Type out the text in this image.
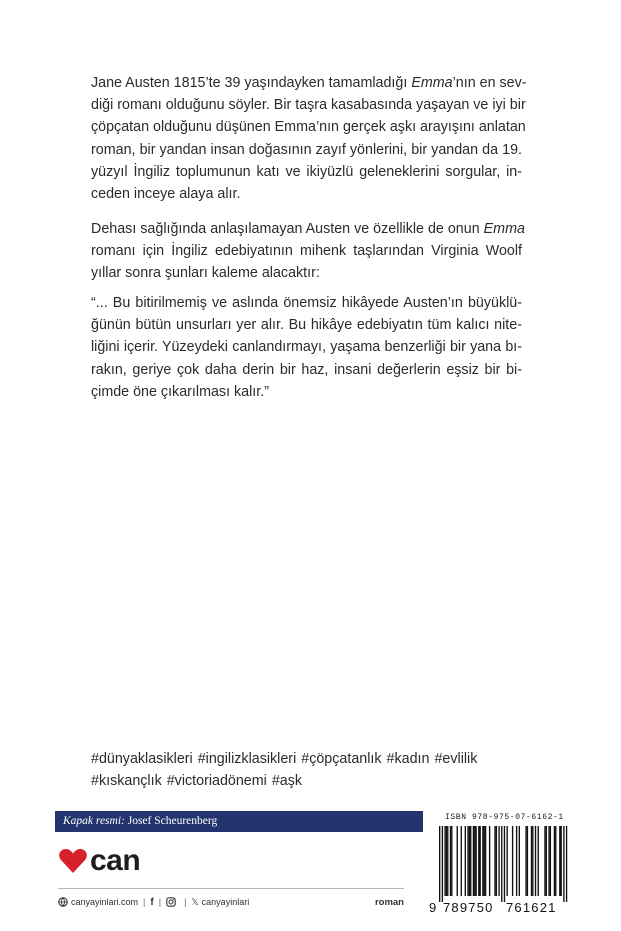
Jane Austen 1815’te 39 yaşındayken tamamladığı Emma’nın en sev-
diği romanı olduğunu söyler. Bir taşra kasabasında yaşayan ve iyi bir
çöpçatan olduğunu düşünen Emma’nın gerçek aşkı arayışını anlatan
roman, bir yandan insan doğasının zayıf yönlerini, bir yandan da 19.
yüzyıl İngiliz toplumunun katı ve ikiyüzlü geleneklerini sorgular, in-
ceden inceye alaya alır.
Dehası sağlığında anlaşılamayan Austen ve özellikle de onun Emma
romanı için İngiliz edebiyatının mihenk taşlarından Virginia Woolf
yıllar sonra şunları kaleme alacaktır:
“... Bu bitirilmemiş ve aslında önemsiz hikâyede Austen’ın büyüklü-
ğünün bütün unsurları yer alır. Bu hikâye edebiyatın tüm kalıcı nite-
liğini içerir. Yüzeydeki canlandırmayı, yaşama benzerliği bir yana bı-
rakın, geriye çok daha derin bir haz, insani değerlerin eşsiz bir bi-
çimde öne çıkarılması kalır.”
#dünyaklasikleri #ingilizklasikleri #çöpçatanlık #kadın #evlilik
#kıskançlık #victoriadönemi #aşk
Kapak resmi: Josef Scheurenberg
can
canyayinlari.com | f |	| 𝕏 canyayinlari	roman
ISBN 978-975-07-6162-1
9 789750 761621
